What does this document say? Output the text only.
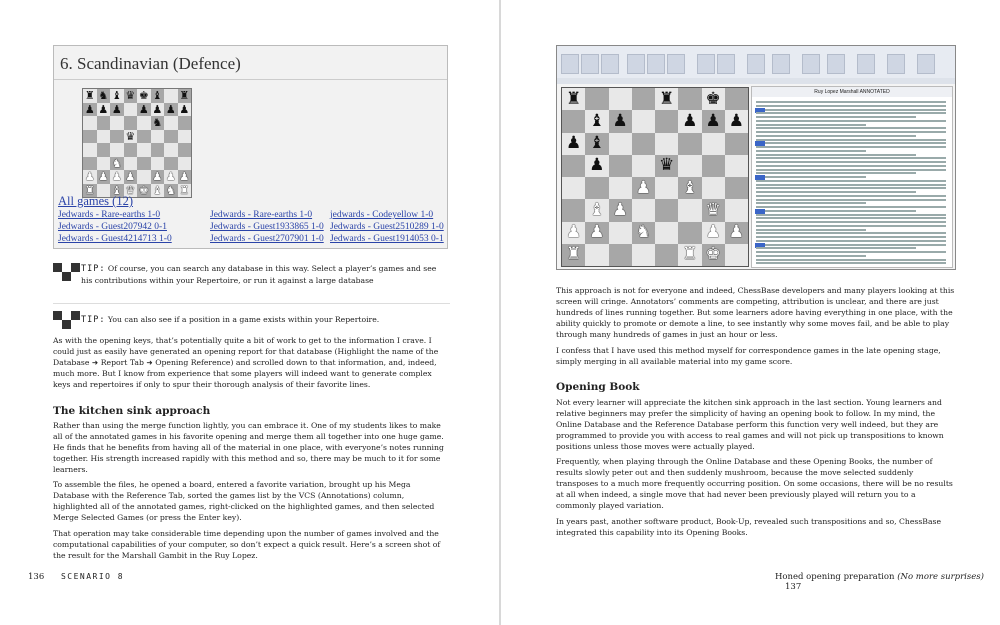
6. Scandinavian (Defence)
♜ ♞ ♝ ♛ ♚ ♝ ♜
♟ ♟ ♟ ♟ ♟ ♟ ♟
♞
♛
♞
♟ ♟ ♟ ♟ ♟ ♟ ♟
♜ ♝ ♛ ♚ ♝ ♞ ♜
All games (12)
Jedwards - Rare-earths 1-0	Jedwards - Rare-earths 1-0 jedwards - Codeyellow 1-0
Jedwards - Guest207942 0-1	Jedwards - Guest1933865 1-0 Jedwards - Guest2510289 1-0
Jedwards - Guest4214713 1-0	Jedwards - Guest2707901 1-0 Jedwards - Guest1914053 0-1
TIP: Of course, you can search any database in this way. Select a player’s games and see his contributions within your Repertoire, or run it against a large database
TIP: You can also see if a position in a game exists within your Repertoire.

As with the opening keys, that’s potentially quite a bit of work to get to the information I crave. I could just as easily have generated an opening report for that database (Highlight the name of the Database ➜ Report Tab ➜ Opening Reference) and scrolled down to that information, and, indeed, much more. But I know from experience that some players will indeed want to generate complex keys and repertoires if only to spur their thorough analysis of their favorite lines.

The kitchen sink approach

Rather than using the merge function lightly, you can embrace it. One of my students likes to make all of the annotated games in his favorite opening and merge them all together into one huge game. He finds that he benefits from having all of the material in one place, with everyone’s notes running together. His strength increased rapidly with this method and so, there may be much to it for some learners.

To assemble the files, he opened a board, entered a favorite variation, brought up his Mega Database with the Reference Tab, sorted the games list by the VCS (Annotations) column, highlighted all of the annotated games, right-clicked on the highlighted games, and then selected Merge Selected Games (or press the Enter key).

That operation may take considerable time depending upon the number of games involved and the computational capabilities of your computer, so don’t expect a quick result. Here’s a screen shot of the result for the Marshall Gambit in the Ruy Lopez.

136 SCENARIO 8
♜	♜ ♚
♝ ♟	♟ ♟ ♟
♟ ♝
♟	♛
♟ ♝
♝ ♟	♛
♟ ♟ ♞	♟ ♟
♜	♜ ♚
Ruy Lopez Marshall ANNOTATED

This approach is not for everyone and indeed, ChessBase developers and many players looking at this screen will cringe. Annotators’ comments are competing, attribution is unclear, and there are just hundreds of lines running together. But some learners adore having everything in one place, with the ability quickly to promote or demote a line, to see instantly why some moves fail, and be able to play through many hundreds of games in just an hour or less.

I confess that I have used this method myself for correspondence games in the late opening stage, simply merging in all available material into my game score.

Opening Book

Not every learner will appreciate the kitchen sink approach in the last section. Young learners and relative beginners may prefer the simplicity of having an opening book to follow. In my mind, the Online Database and the Reference Database perform this function very well indeed, but they are programmed to provide you with access to real games and will not pick up transpositions to known positions unless those moves were actually played.

Frequently, when playing through the Online Database and these Opening Books, the number of results slowly peter out and then suddenly mushroom, because the move selected suddenly transposes to a much more frequently occurring position. On some occasions, there will be no results at all when indeed, a single move that had never been previously played will return you to a commonly played variation.

In years past, another software product, Book-Up, revealed such transpositions and so, ChessBase integrated this capability into its Opening Books.

Honed opening preparation (No more surprises) 137
